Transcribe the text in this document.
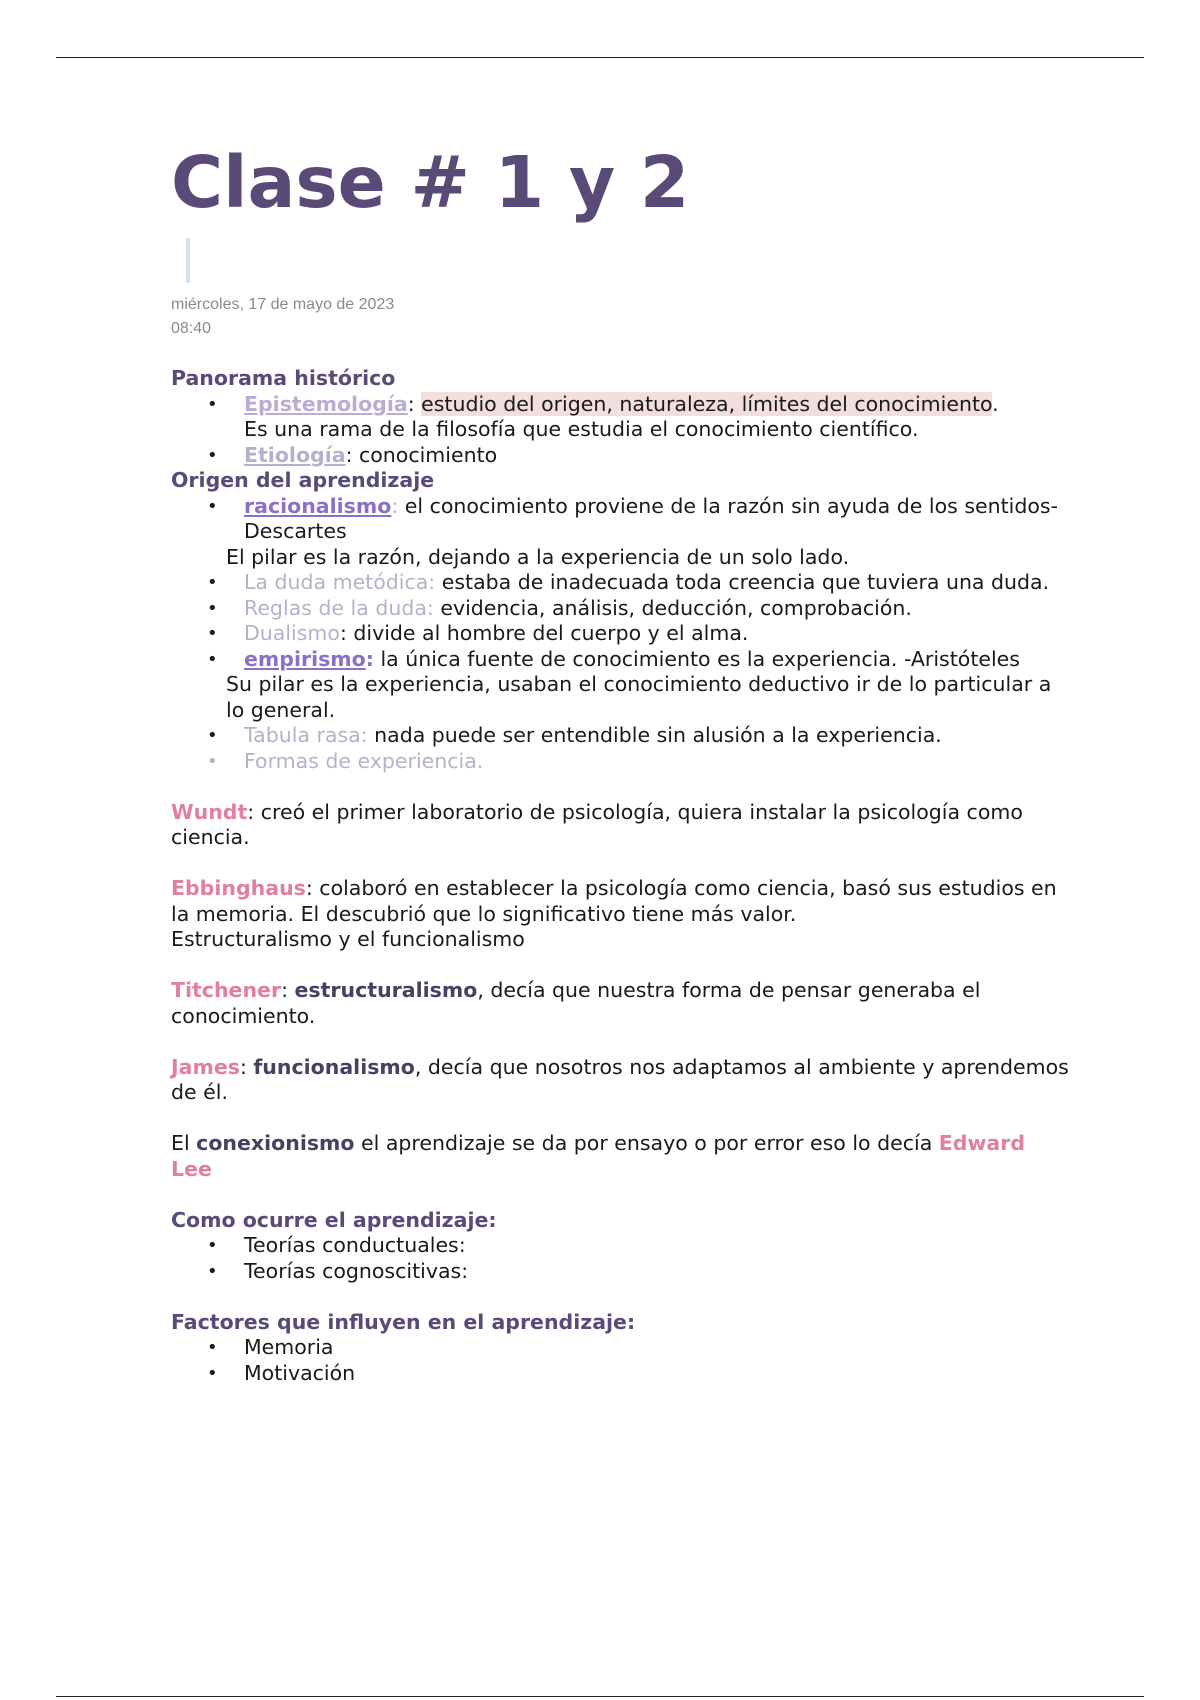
Clase # 1 y 2
miércoles, 17 de mayo de 2023
08:40

Panorama histórico

• Epistemología: estudio del origen, naturaleza, límites del conocimiento.
Es una rama de la filosofía que estudia el conocimiento científico.
• Etiología: conocimiento

Origen del aprendizaje

• racionalismo: el conocimiento proviene de la razón sin ayuda de los sentidos- Descartes

El pilar es la razón, dejando a la experiencia de un solo lado.

• La duda metódica: estaba de inadecuada toda creencia que tuviera una duda.
• Reglas de la duda: evidencia, análisis, deducción, comprobación.
• Dualismo: divide al hombre del cuerpo y el alma.
• empirismo: la única fuente de conocimiento es la experiencia. -Aristóteles

Su pilar es la experiencia, usaban el conocimiento deductivo ir de lo particular a lo general.

• Tabula rasa: nada puede ser entendible sin alusión a la experiencia.
• Formas de experiencia.

Wundt: creó el primer laboratorio de psicología, quiera instalar la psicología como ciencia.

Ebbinghaus: colaboró en establecer la psicología como ciencia, basó sus estudios en la memoria. El descubrió que lo significativo tiene más valor.
Estructuralismo y el funcionalismo

Titchener: estructuralismo, decía que nuestra forma de pensar generaba el conocimiento.

James: funcionalismo, decía que nosotros nos adaptamos al ambiente y aprendemos de él.

El conexionismo el aprendizaje se da por ensayo o por error eso lo decía Edward Lee

Como ocurre el aprendizaje:

• Teorías conductuales:
• Teorías cognoscitivas:

Factores que influyen en el aprendizaje:

• Memoria
• Motivación
